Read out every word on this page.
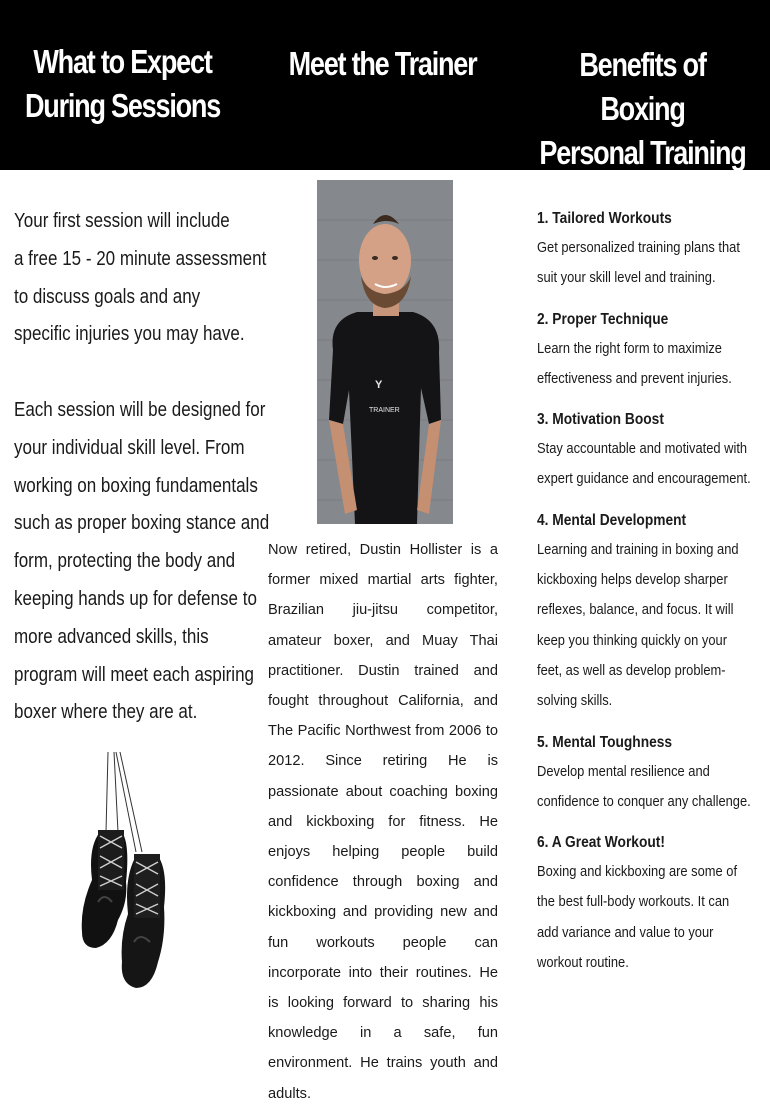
What to Expect
During Sessions
Meet the Trainer	Benefits of Boxing
Personal Training
Your first session will include
a free 15 - 20 minute assessment
to discuss goals and any
specific injuries you may have.
Each session will be designed for
your individual skill level. From
working on boxing fundamentals
such as proper boxing stance and
form, protecting the body and
keeping hands up for defense to
more advanced skills, this
program will meet each aspiring
boxer where they are at.
Y
TRAINER

Now retired, Dustin Hollister is a former mixed martial arts fighter, Brazilian jiu-jitsu competitor, amateur boxer, and Muay Thai practitioner. Dustin trained and fought throughout California, and The Pacific Northwest from 2006 to 2012. Since retiring He is passionate about coaching boxing and kickboxing for fitness. He enjoys helping people build confidence through boxing and kickboxing and providing new and fun workouts people can incorporate into their routines. He is looking forward to sharing his knowledge in a safe, fun environment. He trains youth and adults.

1. Tailored Workouts
Get personalized training plans that
suit your skill level and training.
2. Proper Technique
Learn the right form to maximize
effectiveness and prevent injuries.
3. Motivation Boost
Stay accountable and motivated with
expert guidance and encouragement.
4. Mental Development
Learning and training in boxing and
kickboxing helps develop sharper
reflexes, balance, and focus. It will
keep you thinking quickly on your
feet, as well as develop problem-
solving skills.
5. Mental Toughness
Develop mental resilience and
confidence to conquer any challenge.
6. A Great Workout!
Boxing and kickboxing are some of
the best full-body workouts. It can
add variance and value to your
workout routine.
